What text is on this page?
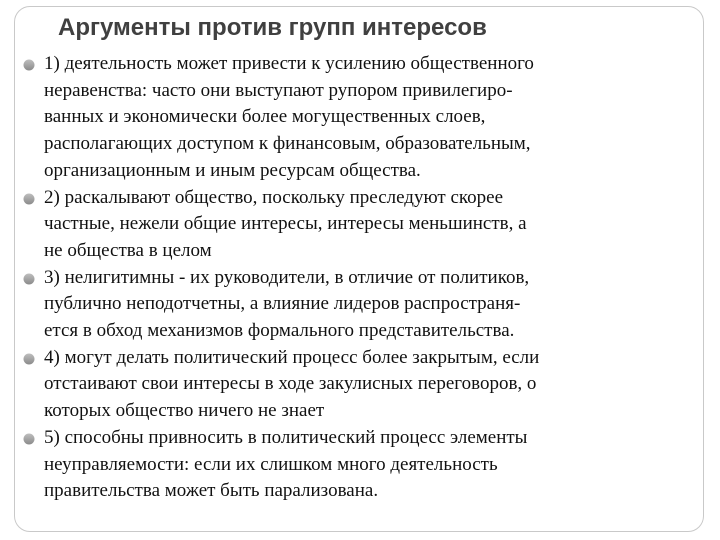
Аргументы против групп интересов
1) деятельность может привести к усилению общественного
неравенства: часто они выступают рупором привилегиро-
ванных и экономически более могущественных слоев,
располагающих доступом к финансовым, образовательным,
организационным и иным ресурсам общества.
2) раскалывают общество, поскольку преследуют скорее
частные, нежели общие интересы, интересы меньшинств, а
не общества в целом
3) нелигитимны - их руководители, в отличие от политиков,
публично неподотчетны, а влияние лидеров распространя-
ется в обход механизмов формального представительства.
4) могут делать политический процесс более закрытым, если
отстаивают свои интересы в ходе закулисных переговоров, о
которых общество ничего не знает
5) способны привносить в политический процесс элементы
неуправляемости: если их слишком много деятельность
правительства может быть парализована.
